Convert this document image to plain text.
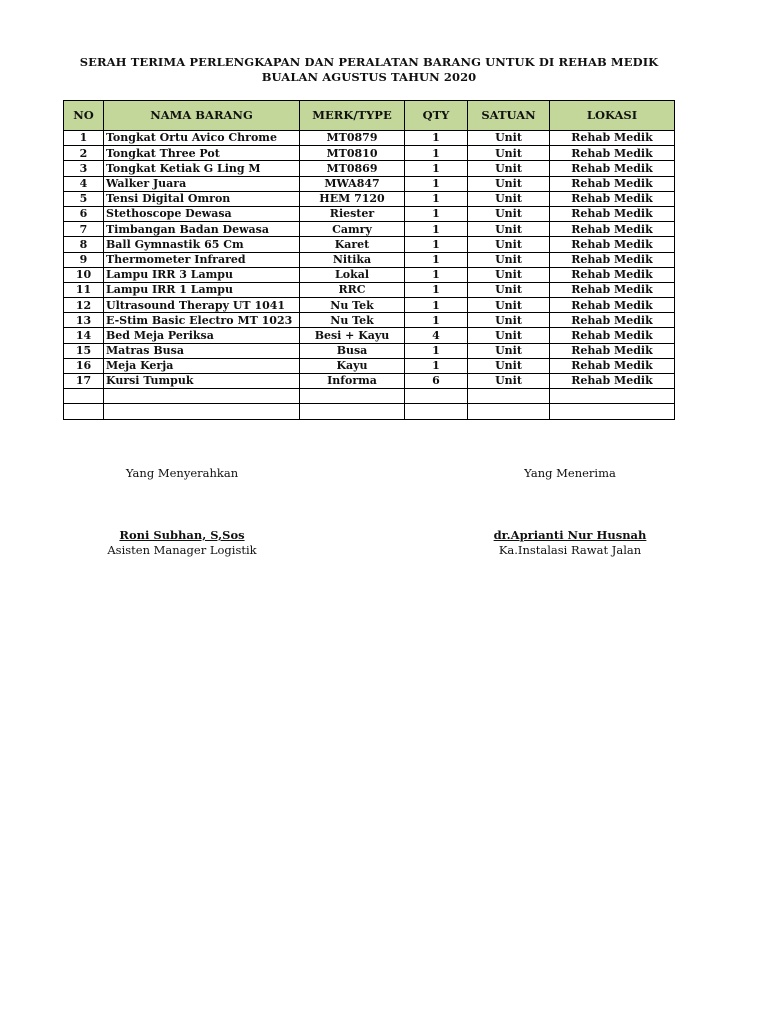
SERAH TERIMA PERLENGKAPAN DAN PERALATAN BARANG UNTUK DI REHAB MEDIK
BUALAN AGUSTUS TAHUN 2020
NO	NAMA BARANG	MERK/TYPE	QTY	SATUAN	LOKASI
1	Tongkat Ortu Avico Chrome	MT0879	1	Unit	Rehab Medik
2	Tongkat Three Pot	MT0810	1	Unit	Rehab Medik
3	Tongkat Ketiak G Ling M	MT0869	1	Unit	Rehab Medik
4	Walker Juara	MWA847	1	Unit	Rehab Medik
5	Tensi Digital Omron	HEM 7120	1	Unit	Rehab Medik
6	Stethoscope Dewasa	Riester	1	Unit	Rehab Medik
7	Timbangan Badan Dewasa	Camry	1	Unit	Rehab Medik
8	Ball Gymnastik 65 Cm	Karet	1	Unit	Rehab Medik
9	Thermometer Infrared	Nitika	1	Unit	Rehab Medik
10	Lampu IRR 3 Lampu	Lokal	1	Unit	Rehab Medik
11	Lampu IRR 1 Lampu	RRC	1	Unit	Rehab Medik
12	Ultrasound Therapy UT 1041	Nu Tek	1	Unit	Rehab Medik
13	E-Stim Basic Electro MT 1023	Nu Tek	1	Unit	Rehab Medik
14	Bed Meja Periksa	Besi + Kayu	4	Unit	Rehab Medik
15	Matras Busa	Busa	1	Unit	Rehab Medik
16	Meja Kerja	Kayu	1	Unit	Rehab Medik
17	Kursi Tumpuk	Informa	6	Unit	Rehab Medik

Yang Menyerahkan	Yang Menerima
Roni Subhan, S,Sos	dr.Aprianti Nur Husnah
Asisten Manager Logistik	Ka.Instalasi Rawat Jalan
